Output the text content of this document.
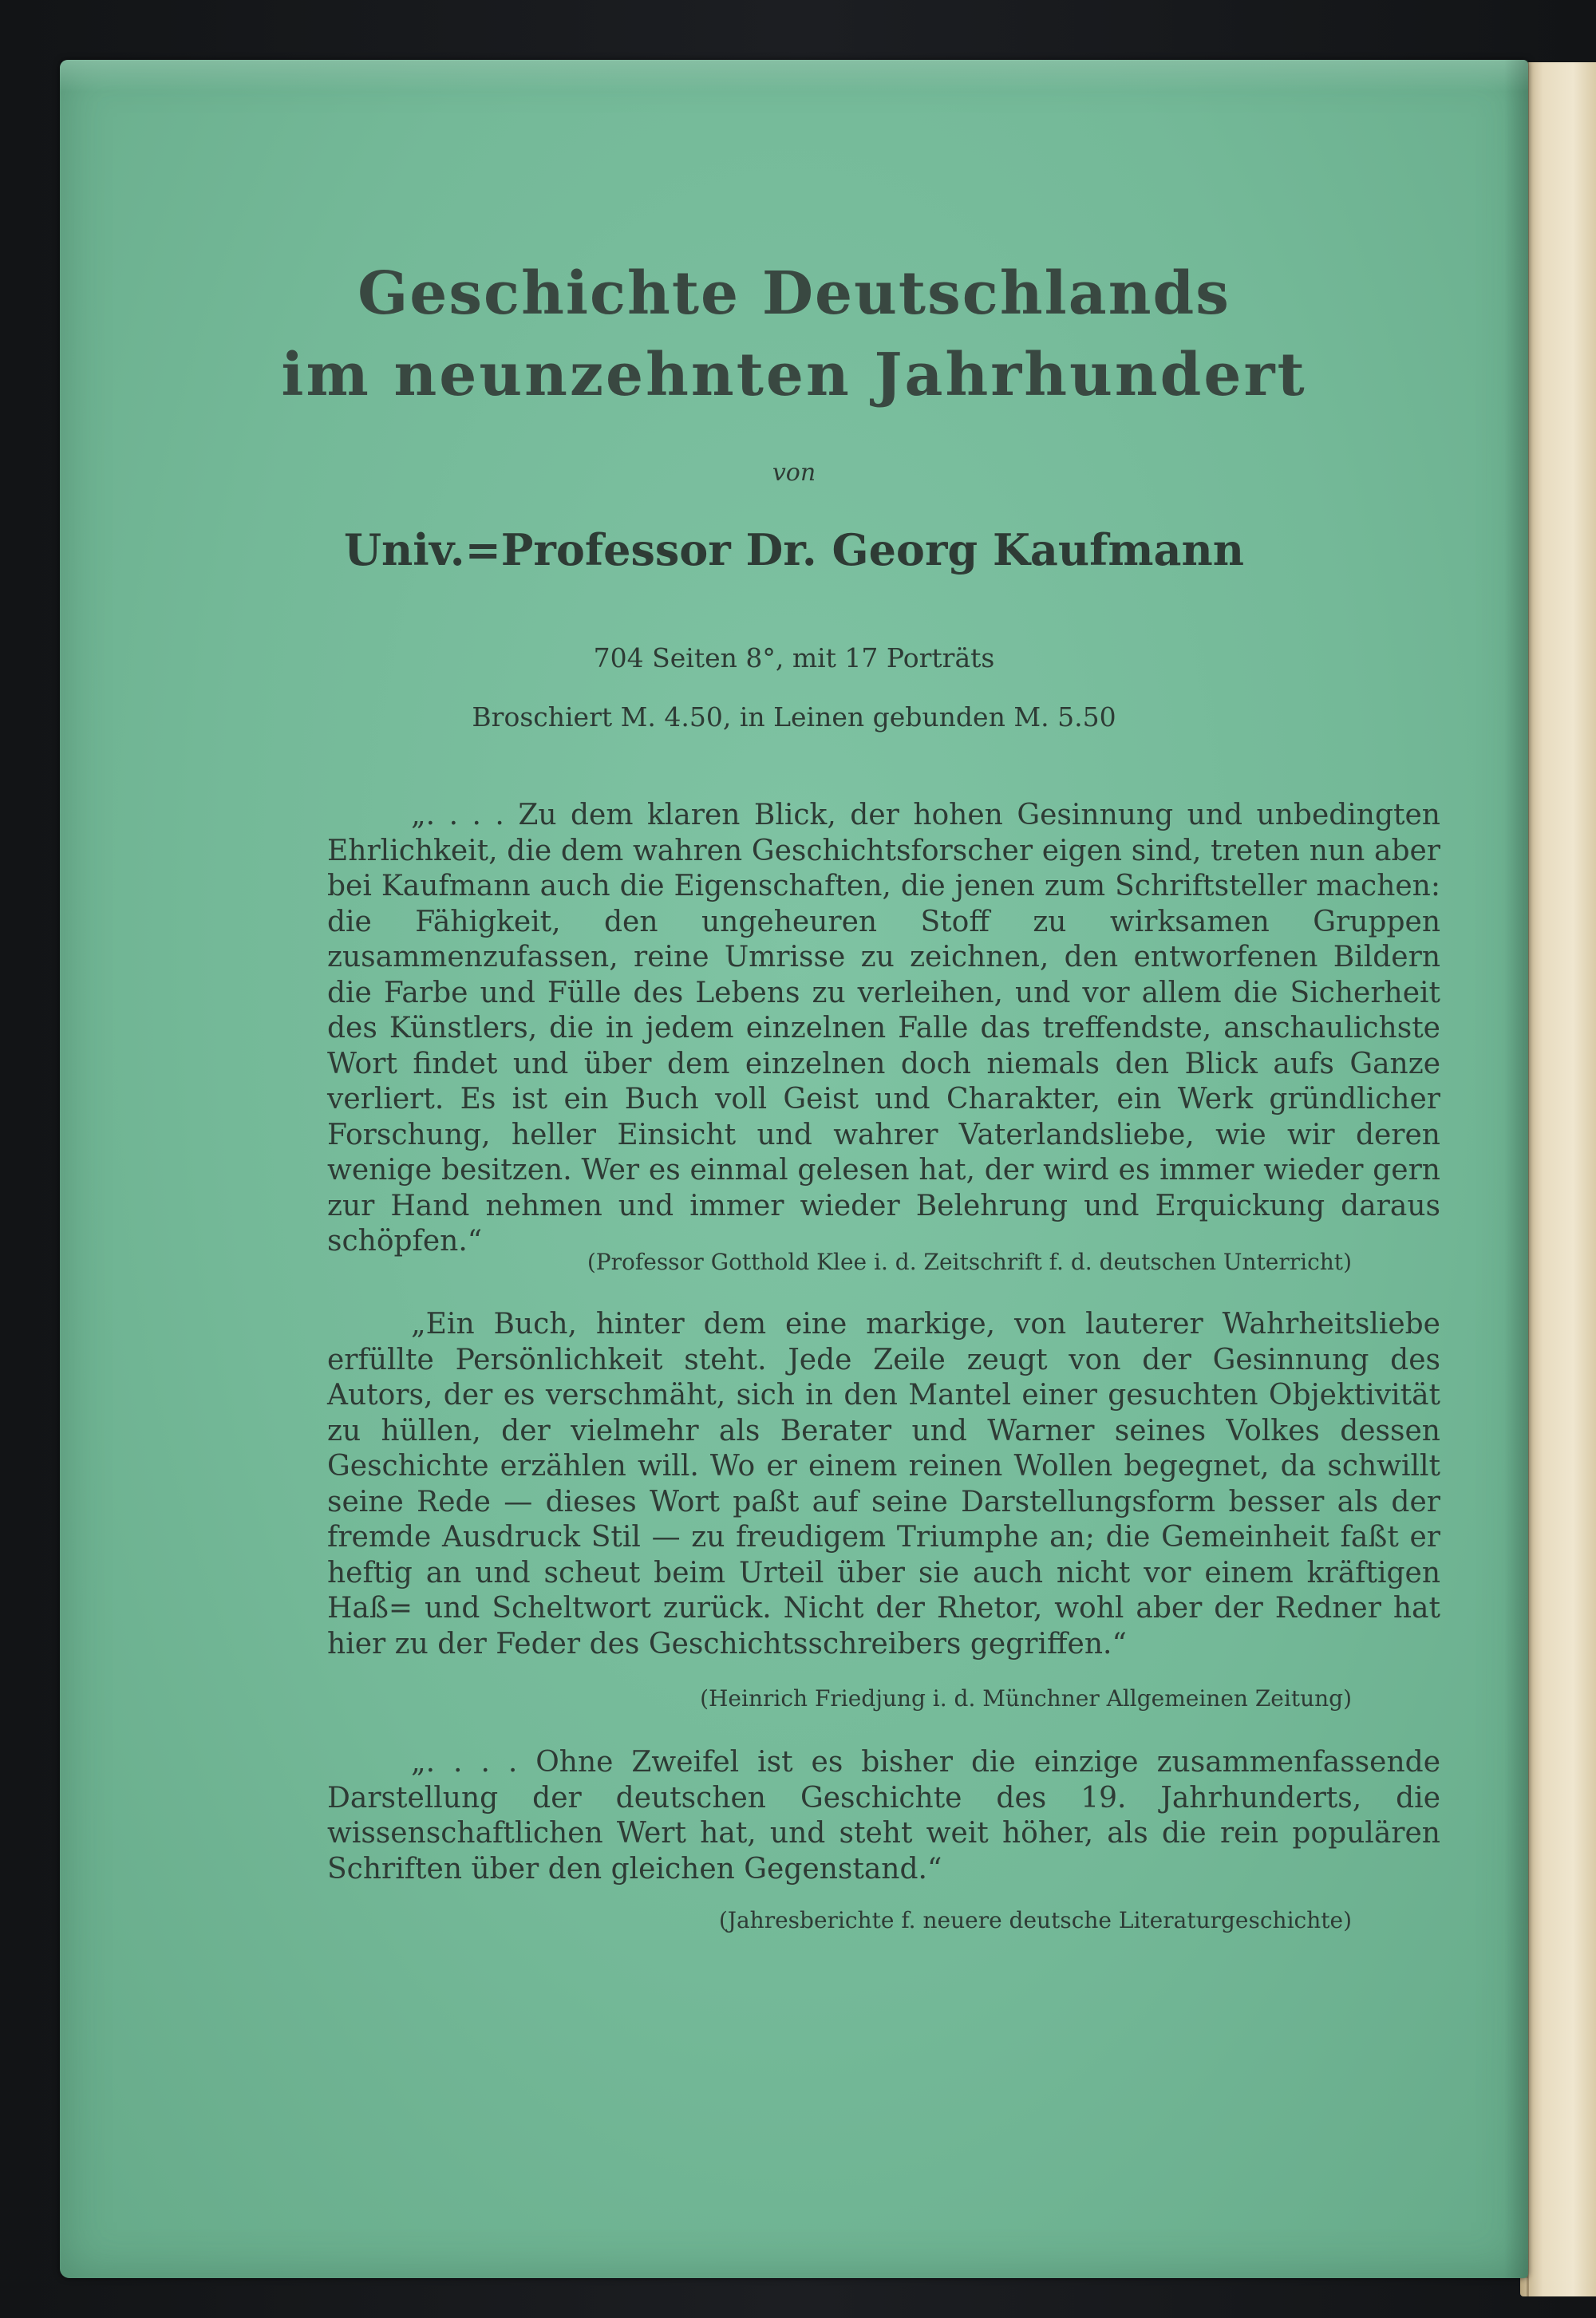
Geschichte Deutschlands
im neunzehnten Jahrhundert
von
Univ.=Professor Dr. Georg Kaufmann
704 Seiten 8°, mit 17 Porträts
Broschiert M. 4.50, in Leinen gebunden M. 5.50

„. . . . Zu dem klaren Blick, der hohen Gesinnung und unbedingten Ehrlichkeit, die dem wahren Geschichtsforscher eigen sind, treten nun aber bei Kaufmann auch die Eigenschaften, die jenen zum Schriftsteller machen: die Fähigkeit, den ungeheuren Stoff zu wirksamen Gruppen zusammenzufassen, reine Umrisse zu zeichnen, den entworfenen Bildern die Farbe und Fülle des Lebens zu verleihen, und vor allem die Sicherheit des Künstlers, die in jedem einzelnen Falle das treffendste, anschaulichste Wort findet und über dem einzelnen doch niemals den Blick aufs Ganze verliert. Es ist ein Buch voll Geist und Charakter, ein Werk gründlicher Forschung, heller Einsicht und wahrer Vaterlandsliebe, wie wir deren wenige besitzen. Wer es einmal gelesen hat, der wird es immer wieder gern zur Hand nehmen und immer wieder Belehrung und Erquickung daraus schöpfen.“

(Professor Gotthold Klee i. d. Zeitschrift f. d. deutschen Unterricht)

„Ein Buch, hinter dem eine markige, von lauterer Wahrheitsliebe erfüllte Persönlichkeit steht. Jede Zeile zeugt von der Gesinnung des Autors, der es verschmäht, sich in den Mantel einer gesuchten Objektivität zu hüllen, der vielmehr als Berater und Warner seines Volkes dessen Geschichte erzählen will. Wo er einem reinen Wollen begegnet, da schwillt seine Rede — dieses Wort paßt auf seine Darstellungsform besser als der fremde Ausdruck Stil — zu freudigem Triumphe an; die Gemeinheit faßt er heftig an und scheut beim Urteil über sie auch nicht vor einem kräftigen Haß= und Scheltwort zurück. Nicht der Rhetor, wohl aber der Redner hat hier zu der Feder des Geschichtsschreibers gegriffen.“

(Heinrich Friedjung i. d. Münchner Allgemeinen Zeitung)

„. . . . Ohne Zweifel ist es bisher die einzige zusammenfassende Darstellung der deutschen Geschichte des 19. Jahrhunderts, die wissenschaftlichen Wert hat, und steht weit höher, als die rein populären Schriften über den gleichen Gegenstand.“

(Jahresberichte f. neuere deutsche Literaturgeschichte)
